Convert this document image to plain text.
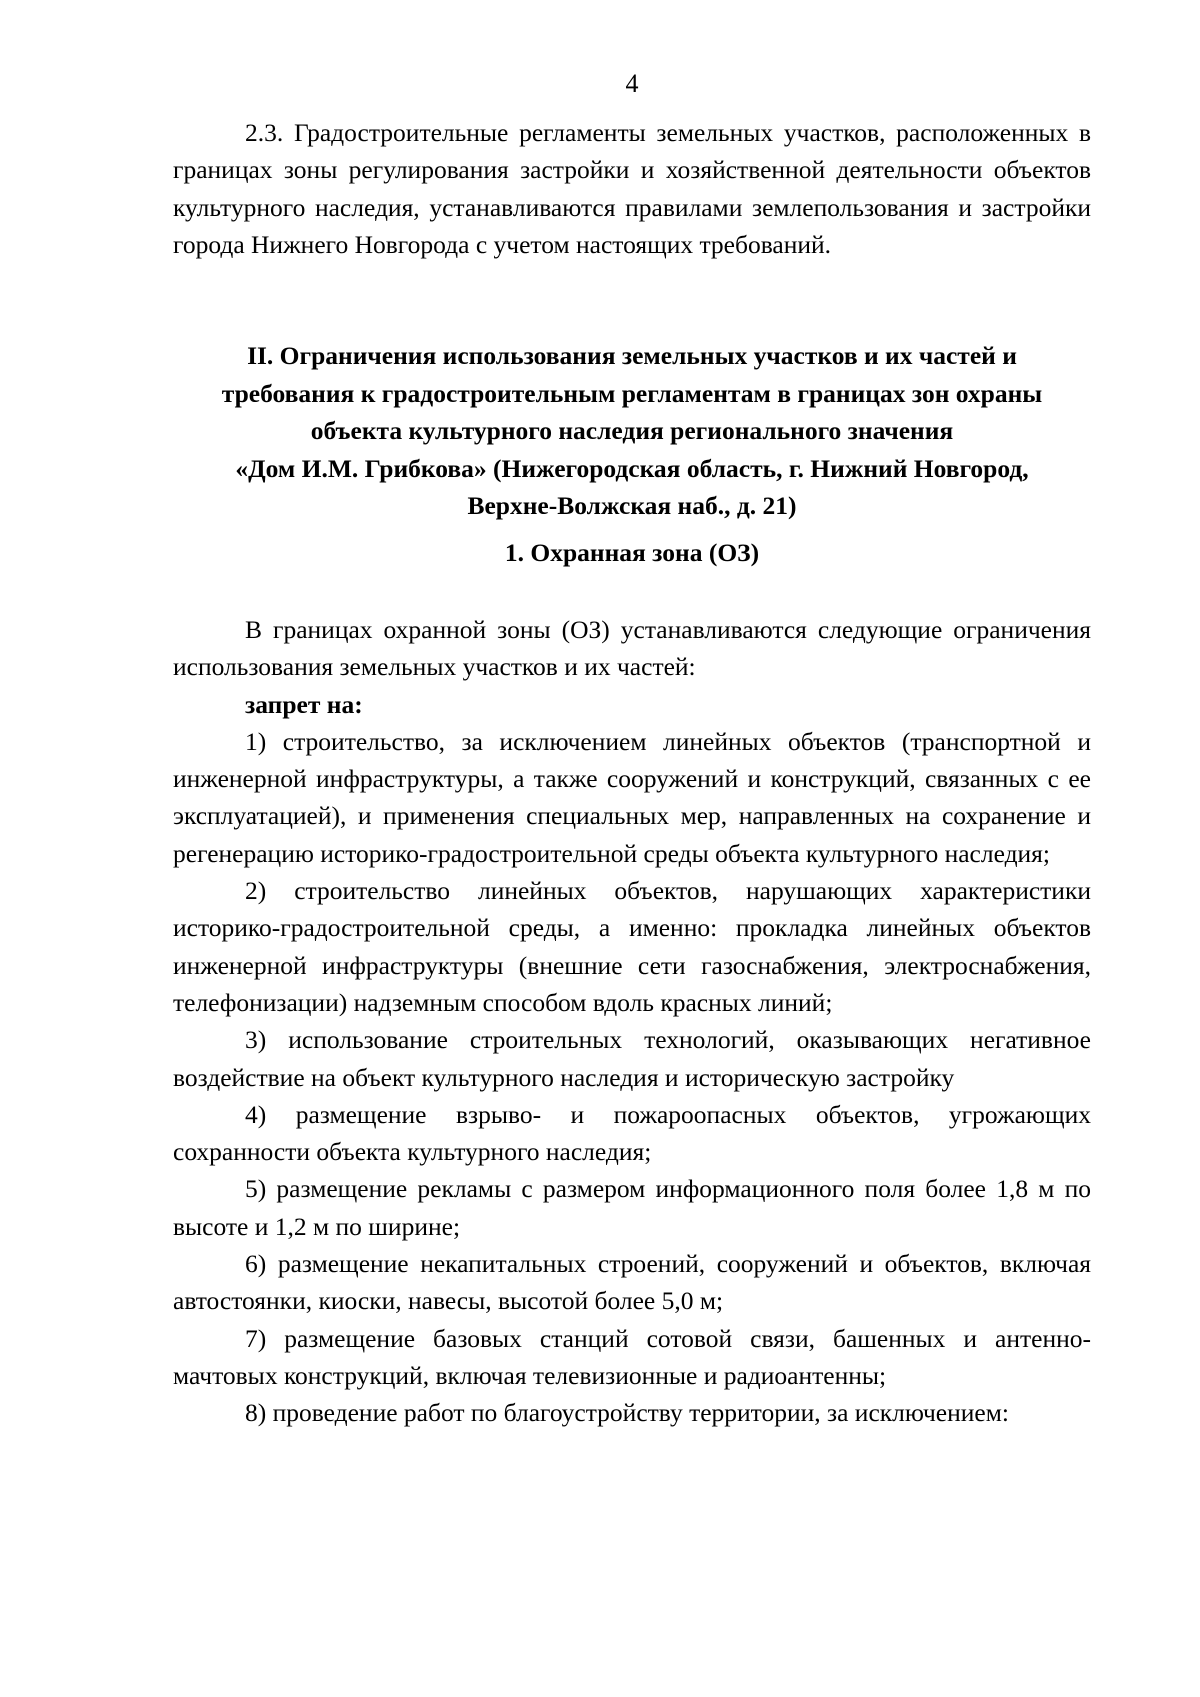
4

2.3. Градостроительные регламенты земельных участков, расположенных в границах зоны регулирования застройки и хозяйственной деятельности объектов культурного наследия, устанавливаются правилами землепользования и застройки города Нижнего Новгорода с учетом настоящих требований.

II. Ограничения использования земельных участков и их частей и
требования к градостроительным регламентам в границах зон охраны
объекта культурного наследия регионального значения
«Дом И.М. Грибкова» (Нижегородская область, г. Нижний Новгород,
Верхне-Волжская наб., д. 21)
1. Охранная зона (ОЗ)

В границах охранной зоны (ОЗ) устанавливаются следующие ограничения использования земельных участков и их частей:

запрет на:

1) строительство, за исключением линейных объектов (транспортной и инженерной инфраструктуры, а также сооружений и конструкций, связанных с ее эксплуатацией), и применения специальных мер, направленных на сохранение и регенерацию историко-градостроительной среды объекта культурного наследия;

2) строительство линейных объектов, нарушающих характеристики историко-градостроительной среды, а именно: прокладка линейных объектов инженерной инфраструктуры (внешние сети газоснабжения, электроснабжения, телефонизации) надземным способом вдоль красных линий;

3) использование строительных технологий, оказывающих негативное воздействие на объект культурного наследия и историческую застройку

4) размещение взрыво- и пожароопасных объектов, угрожающих сохранности объекта культурного наследия;

5) размещение рекламы с размером информационного поля более 1,8 м по высоте и 1,2 м по ширине;

6) размещение некапитальных строений, сооружений и объектов, включая автостоянки, киоски, навесы, высотой более 5,0 м;

7) размещение базовых станций сотовой связи, башенных и антенно-мачтовых конструкций, включая телевизионные и радиоантенны;

8) проведение работ по благоустройству территории, за исключением:
